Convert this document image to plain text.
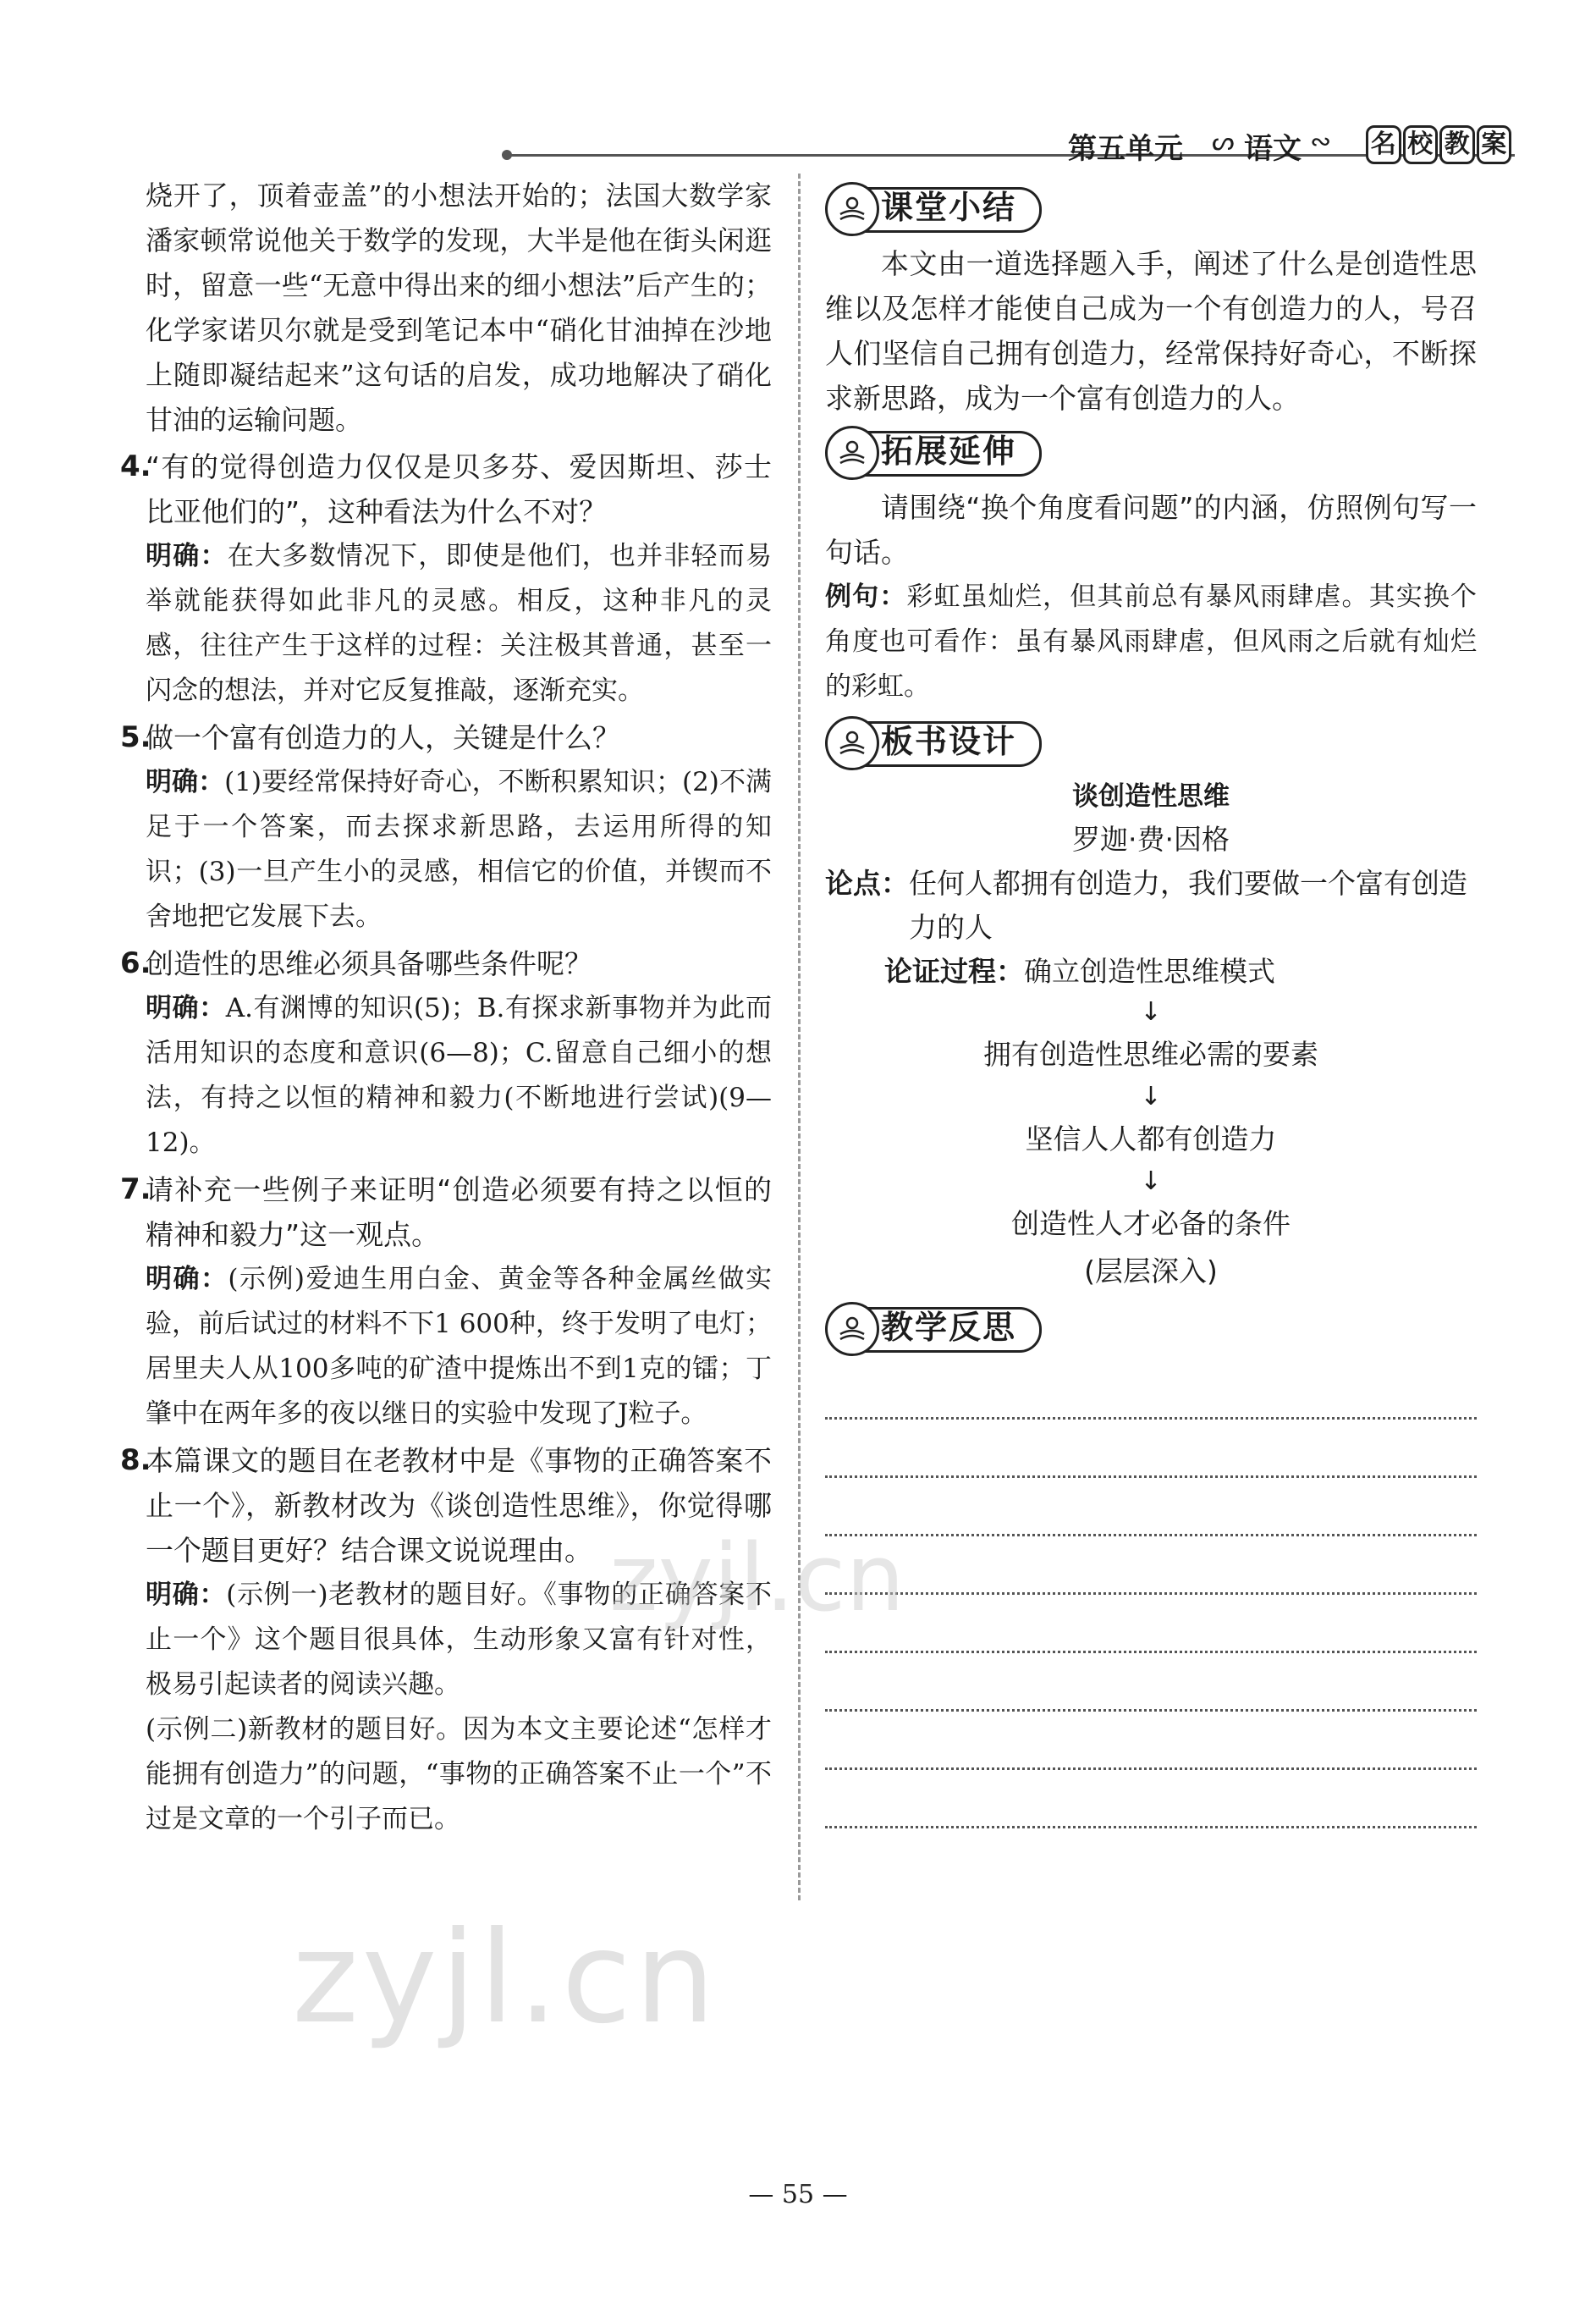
第五单元 ᔕ 语文 ∾ 名 校 教 案

烧开了，顶着壶盖”的小想法开始的；法国大数学家潘家顿常说他关于数学的发现，大半是他在街头闲逛时，留意一些“无意中得出来的细小想法”后产生的；化学家诺贝尔就是受到笔记本中“硝化甘油掉在沙地上随即凝结起来”这句话的启发，成功地解决了硝化甘油的运输问题。

4.
“有的觉得创造力仅仅是贝多芬、爱因斯坦、莎士比亚他们的”，这种看法为什么不对？
明确：在大多数情况下，即使是他们，也并非轻而易举就能获得如此非凡的灵感。相反，这种非凡的灵感，往往产生于这样的过程：关注极其普通，甚至一闪念的想法，并对它反复推敲，逐渐充实。
5.
做一个富有创造力的人，关键是什么？
明确：(1)要经常保持好奇心，不断积累知识；(2)不满足于一个答案，而去探求新思路，去运用所得的知识；(3)一旦产生小的灵感，相信它的价值，并锲而不舍地把它发展下去。
6.
创造性的思维必须具备哪些条件呢？
明确：A.有渊博的知识(5)；B.有探求新事物并为此而活用知识的态度和意识(6—8)；C.留意自己细小的想法，有持之以恒的精神和毅力(不断地进行尝试)(9—12)。
7.
请补充一些例子来证明“创造必须要有持之以恒的精神和毅力”这一观点。
明确：(示例)爱迪生用白金、黄金等各种金属丝做实验，前后试过的材料不下1 600种，终于发明了电灯；居里夫人从100多吨的矿渣中提炼出不到1克的镭；丁肇中在两年多的夜以继日的实验中发现了J粒子。
8.
本篇课文的题目在老教材中是《事物的正确答案不止一个》，新教材改为《谈创造性思维》，你觉得哪一个题目更好？结合课文说说理由。
明确：(示例一)老教材的题目好。《事物的正确答案不止一个》这个题目很具体，生动形象又富有针对性，极易引起读者的阅读兴趣。
(示例二)新教材的题目好。因为本文主要论述“怎样才能拥有创造力”的问题，“事物的正确答案不止一个”不过是文章的一个引子而已。
课堂小结
本文由一道选择题入手，阐述了什么是创造性思维以及怎样才能使自己成为一个有创造力的人，号召人们坚信自己拥有创造力，经常保持好奇心，不断探求新思路，成为一个富有创造力的人。
拓展延伸
请围绕“换个角度看问题”的内涵，仿照例句写一句话。
例句：彩虹虽灿烂，但其前总有暴风雨肆虐。其实换个角度也可看作：虽有暴风雨肆虐，但风雨之后就有灿烂的彩虹。
板书设计
谈创造性思维
罗迦·费·因格
论点： 任何人都拥有创造力，我们要做一个富有创造力的人
论证过程：确立创造性思维模式
↓
拥有创造性思维必需的要素
↓
坚信人人都有创造力
↓
创造性人才必备的条件
(层层深入)
教学反思
zyjl.cn
zyjl.cn
— 55 —
